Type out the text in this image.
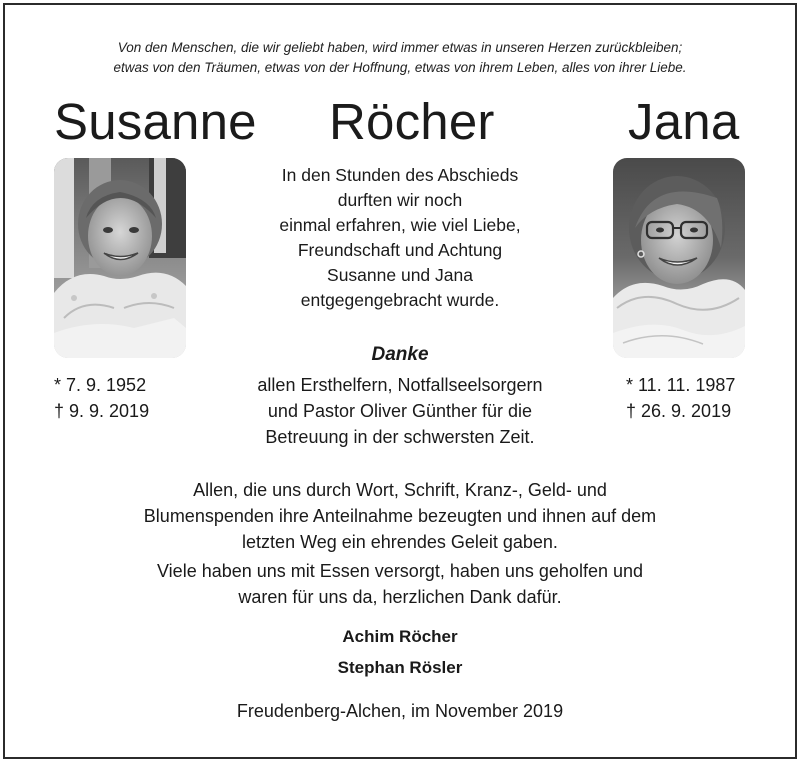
Von den Menschen, die wir geliebt haben, wird immer etwas in unseren Herzen zurückbleiben;
etwas von den Träumen, etwas von der Hoffnung, etwas von ihrem Leben, alles von ihrer Liebe.
Susanne Röcher	Jana
* 7. 9. 1952
† 9. 9. 2019
* 11. 11. 1987
† 26. 9. 2019
In den Stunden des Abschieds
durften wir noch
einmal erfahren, wie viel Liebe,
Freundschaft und Achtung
Susanne und Jana
entgegengebracht wurde.
Danke
allen Ersthelfern, Notfallseelsorgern
und Pastor Oliver Günther für die
Betreuung in der schwersten Zeit.
Allen, die uns durch Wort, Schrift, Kranz-, Geld- und
Blumenspenden ihre Anteilnahme bezeugten und ihnen auf dem
letzten Weg ein ehrendes Geleit gaben.
Viele haben uns mit Essen versorgt, haben uns geholfen und
waren für uns da, herzlichen Dank dafür.
Achim Röcher
Stephan Rösler
Freudenberg-Alchen, im November 2019
